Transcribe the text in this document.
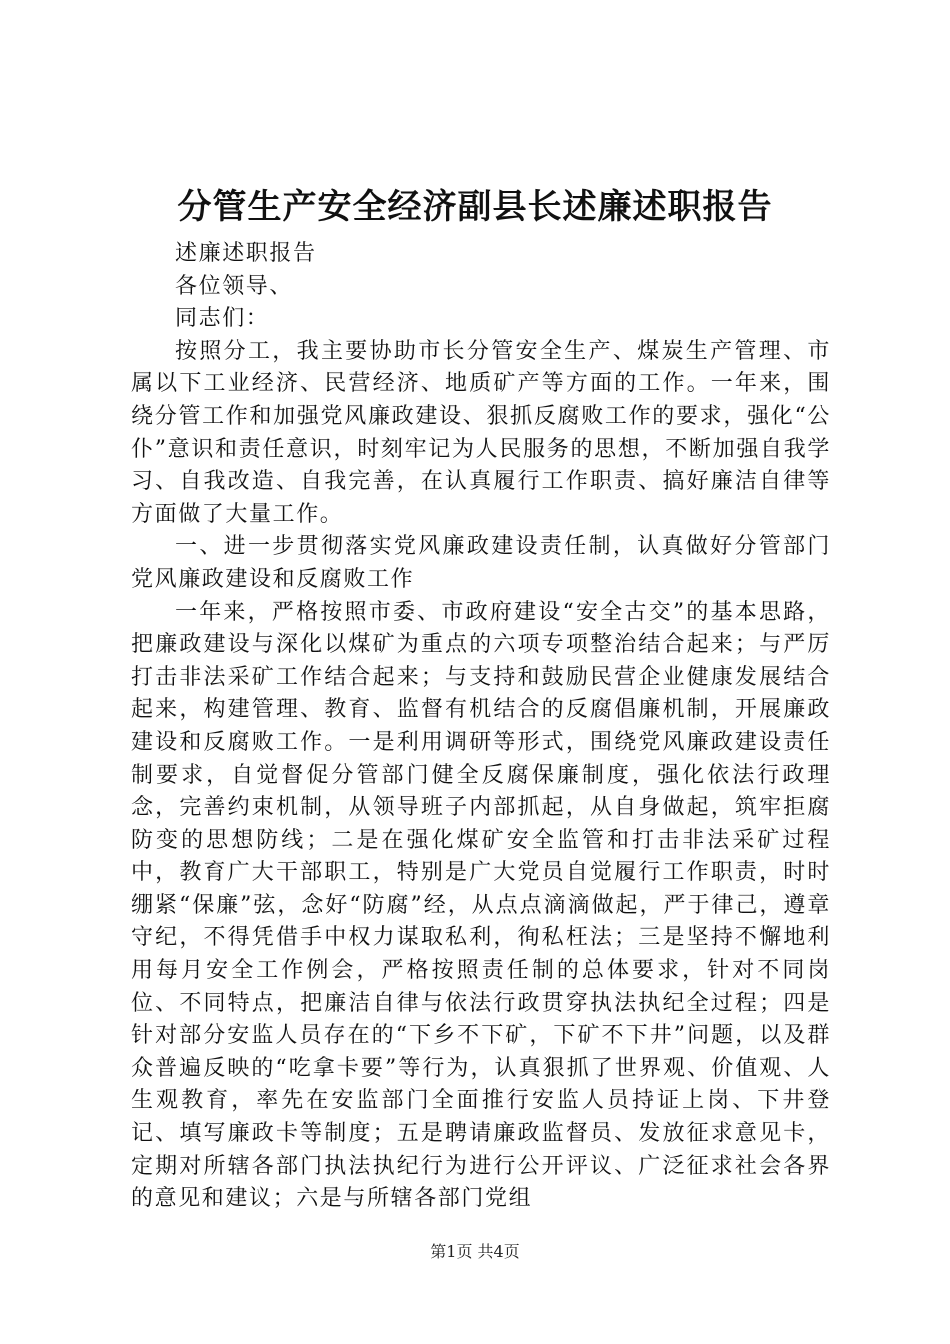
分管生产安全经济副县长述廉述职报告

述廉述职报告

各位领导、

同志们：

按照分工，我主要协助市长分管安全生产、煤炭生产管理、市属以下工业经济、民营经济、地质矿产等方面的工作。一年来，围绕分管工作和加强党风廉政建设、狠抓反腐败工作的要求，强化“公仆”意识和责任意识，时刻牢记为人民服务的思想，不断加强自我学习、自我改造、自我完善，在认真履行工作职责、搞好廉洁自律等方面做了大量工作。

一、进一步贯彻落实党风廉政建设责任制，认真做好分管部门党风廉政建设和反腐败工作

一年来，严格按照市委、市政府建设“安全古交”的基本思路，把廉政建设与深化以煤矿为重点的六项专项整治结合起来；与严厉打击非法采矿工作结合起来；与支持和鼓励民营企业健康发展结合起来，构建管理、教育、监督有机结合的反腐倡廉机制，开展廉政建设和反腐败工作。一是利用调研等形式，围绕党风廉政建设责任制要求，自觉督促分管部门健全反腐保廉制度，强化依法行政理念，完善约束机制，从领导班子内部抓起，从自身做起，筑牢拒腐防变的思想防线；二是在强化煤矿安全监管和打击非法采矿过程中，教育广大干部职工，特别是广大党员自觉履行工作职责，时时绷紧“保廉”弦，念好“防腐”经，从点点滴滴做起，严于律己，遵章守纪，不得凭借手中权力谋取私利，徇私枉法；三是坚持不懈地利用每月安全工作例会，严格按照责任制的总体要求，针对不同岗位、不同特点，把廉洁自律与依法行政贯穿执法执纪全过程；四是针对部分安监人员存在的“下乡不下矿，下矿不下井”问题，以及群众普遍反映的“吃拿卡要”等行为，认真狠抓了世界观、价值观、人生观教育，率先在安监部门全面推行安监人员持证上岗、下井登记、填写廉政卡等制度；五是聘请廉政监督员、发放征求意见卡，定期对所辖各部门执法执纪行为进行公开评议、广泛征求社会各界的意见和建议；六是与所辖各部门党组

第1页 共4页
